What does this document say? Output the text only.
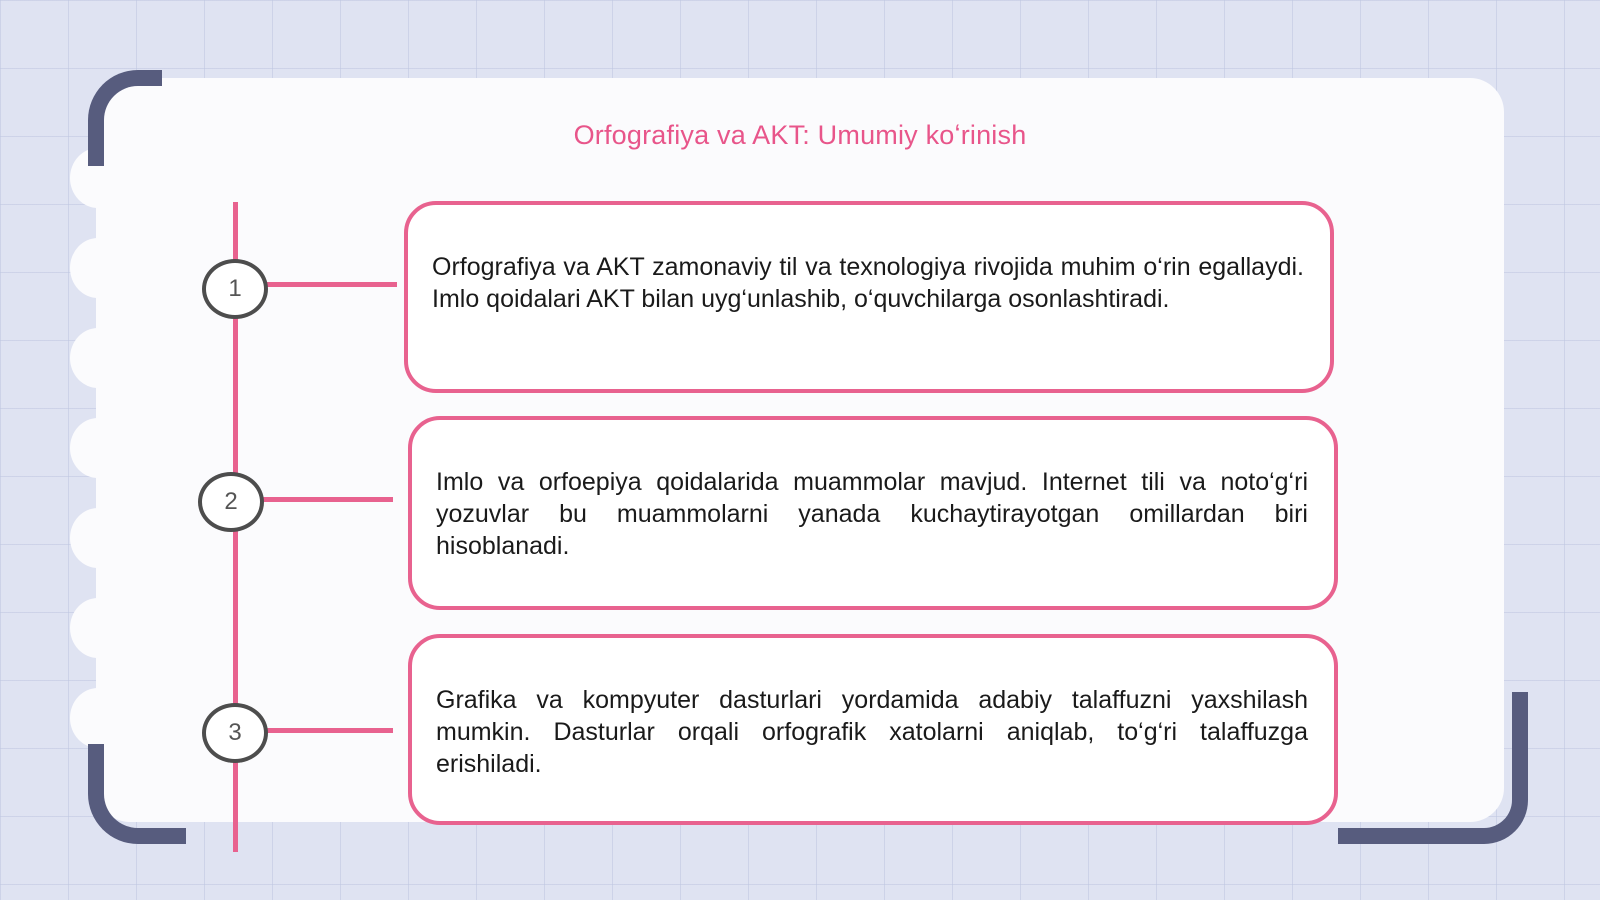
Orfografiya va AKT: Umumiy koʻrinish
1
Orfografiya va AKT zamonaviy til va texnologiya rivojida muhim o‘rin egallaydi. Imlo qoidalari AKT bilan uyg‘unlashib, o‘quvchilarga osonlashtiradi.
2
Imlo va orfoepiya qoidalarida muammolar mavjud. Internet tili va noto‘g‘ri yozuvlar bu muammolarni yanada kuchaytirayotgan omillardan biri hisoblanadi.
3
Grafika va kompyuter dasturlari yordamida adabiy talaffuzni yaxshilash mumkin. Dasturlar orqali orfografik xatolarni aniqlab, to‘g‘ri talaffuzga erishiladi.
